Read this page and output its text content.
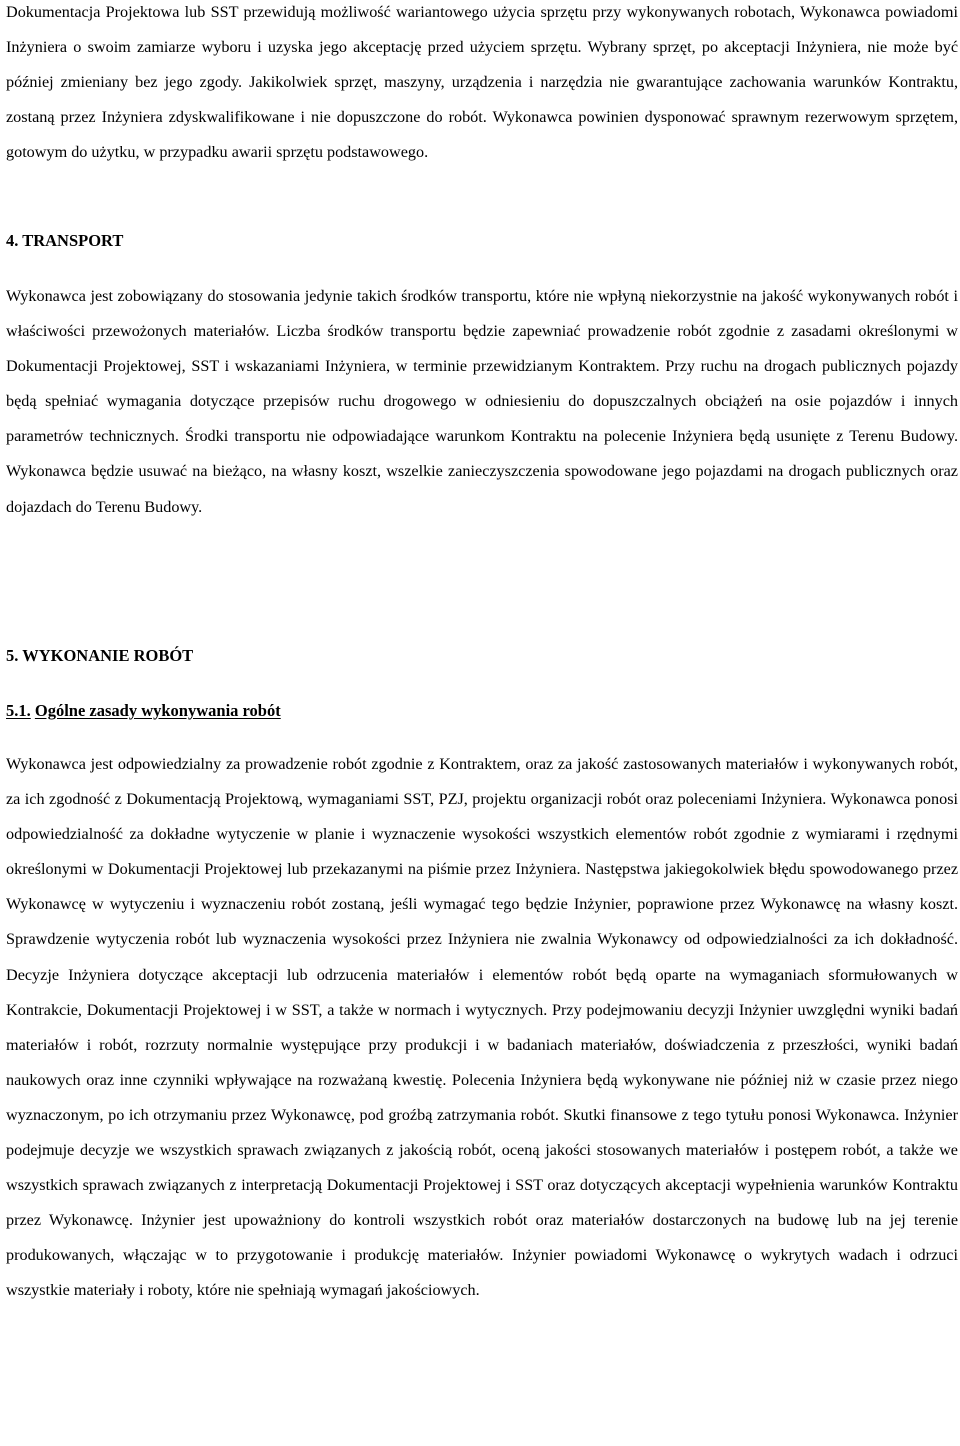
Dokumentacja Projektowa lub SST przewidują możliwość wariantowego użycia sprzętu przy wykonywanych robotach, Wykonawca powiadomi Inżyniera o swoim zamiarze wyboru i uzyska jego akceptację przed użyciem sprzętu. Wybrany sprzęt, po akceptacji Inżyniera, nie może być później zmieniany bez jego zgody. Jakikolwiek sprzęt, maszyny, urządzenia i narzędzia nie gwarantujące zachowania warunków Kontraktu, zostaną przez Inżyniera zdyskwalifikowane i nie dopuszczone do robót. Wykonawca powinien dysponować sprawnym rezerwowym sprzętem, gotowym do użytku, w przypadku awarii sprzętu podstawowego.

4. TRANSPORT

Wykonawca jest zobowiązany do stosowania jedynie takich środków transportu, które nie wpłyną niekorzystnie na jakość wykonywanych robót i właściwości przewożonych materiałów. Liczba środków transportu będzie zapewniać prowadzenie robót zgodnie z zasadami określonymi w Dokumentacji Projektowej, SST i wskazaniami Inżyniera, w terminie przewidzianym Kontraktem. Przy ruchu na drogach publicznych pojazdy będą spełniać wymagania dotyczące przepisów ruchu drogowego w odniesieniu do dopuszczalnych obciążeń na osie pojazdów i innych parametrów technicznych. Środki transportu nie odpowiadające warunkom Kontraktu na polecenie Inżyniera będą usunięte z Terenu Budowy. Wykonawca będzie usuwać na bieżąco, na własny koszt, wszelkie zanieczyszczenia spowodowane jego pojazdami na drogach publicznych oraz dojazdach do Terenu Budowy.

5. WYKONANIE ROBÓT
5.1. Ogólne zasady wykonywania robót

Wykonawca jest odpowiedzialny za prowadzenie robót zgodnie z Kontraktem, oraz za jakość zastosowanych materiałów i wykonywanych robót, za ich zgodność z Dokumentacją Projektową, wymaganiami SST, PZJ, projektu organizacji robót oraz poleceniami Inżyniera. Wykonawca ponosi odpowiedzialność za dokładne wytyczenie w planie i wyznaczenie wysokości wszystkich elementów robót zgodnie z wymiarami i rzędnymi określonymi w Dokumentacji Projektowej lub przekazanymi na piśmie przez Inżyniera. Następstwa jakiegokolwiek błędu spowodowanego przez Wykonawcę w wytyczeniu i wyznaczeniu robót zostaną, jeśli wymagać tego będzie Inżynier, poprawione przez Wykonawcę na własny koszt. Sprawdzenie wytyczenia robót lub wyznaczenia wysokości przez Inżyniera nie zwalnia Wykonawcy od odpowiedzialności za ich dokładność. Decyzje Inżyniera dotyczące akceptacji lub odrzucenia materiałów i elementów robót będą oparte na wymaganiach sformułowanych w Kontrakcie, Dokumentacji Projektowej i w SST, a także w normach i wytycznych. Przy podejmowaniu decyzji Inżynier uwzględni wyniki badań materiałów i robót, rozrzuty normalnie występujące przy produkcji i w badaniach materiałów, doświadczenia z przeszłości, wyniki badań naukowych oraz inne czynniki wpływające na rozważaną kwestię. Polecenia Inżyniera będą wykonywane nie później niż w czasie przez niego wyznaczonym, po ich otrzymaniu przez Wykonawcę, pod groźbą zatrzymania robót. Skutki finansowe z tego tytułu ponosi Wykonawca. Inżynier podejmuje decyzje we wszystkich sprawach związanych z jakością robót, oceną jakości stosowanych materiałów i postępem robót, a także we wszystkich sprawach związanych z interpretacją Dokumentacji Projektowej i SST oraz dotyczących akceptacji wypełnienia warunków Kontraktu przez Wykonawcę. Inżynier jest upoważniony do kontroli wszystkich robót oraz materiałów dostarczonych na budowę lub na jej terenie produkowanych, włączając w to przygotowanie i produkcję materiałów. Inżynier powiadomi Wykonawcę o wykrytych wadach i odrzuci wszystkie materiały i roboty, które nie spełniają wymagań jakościowych.
